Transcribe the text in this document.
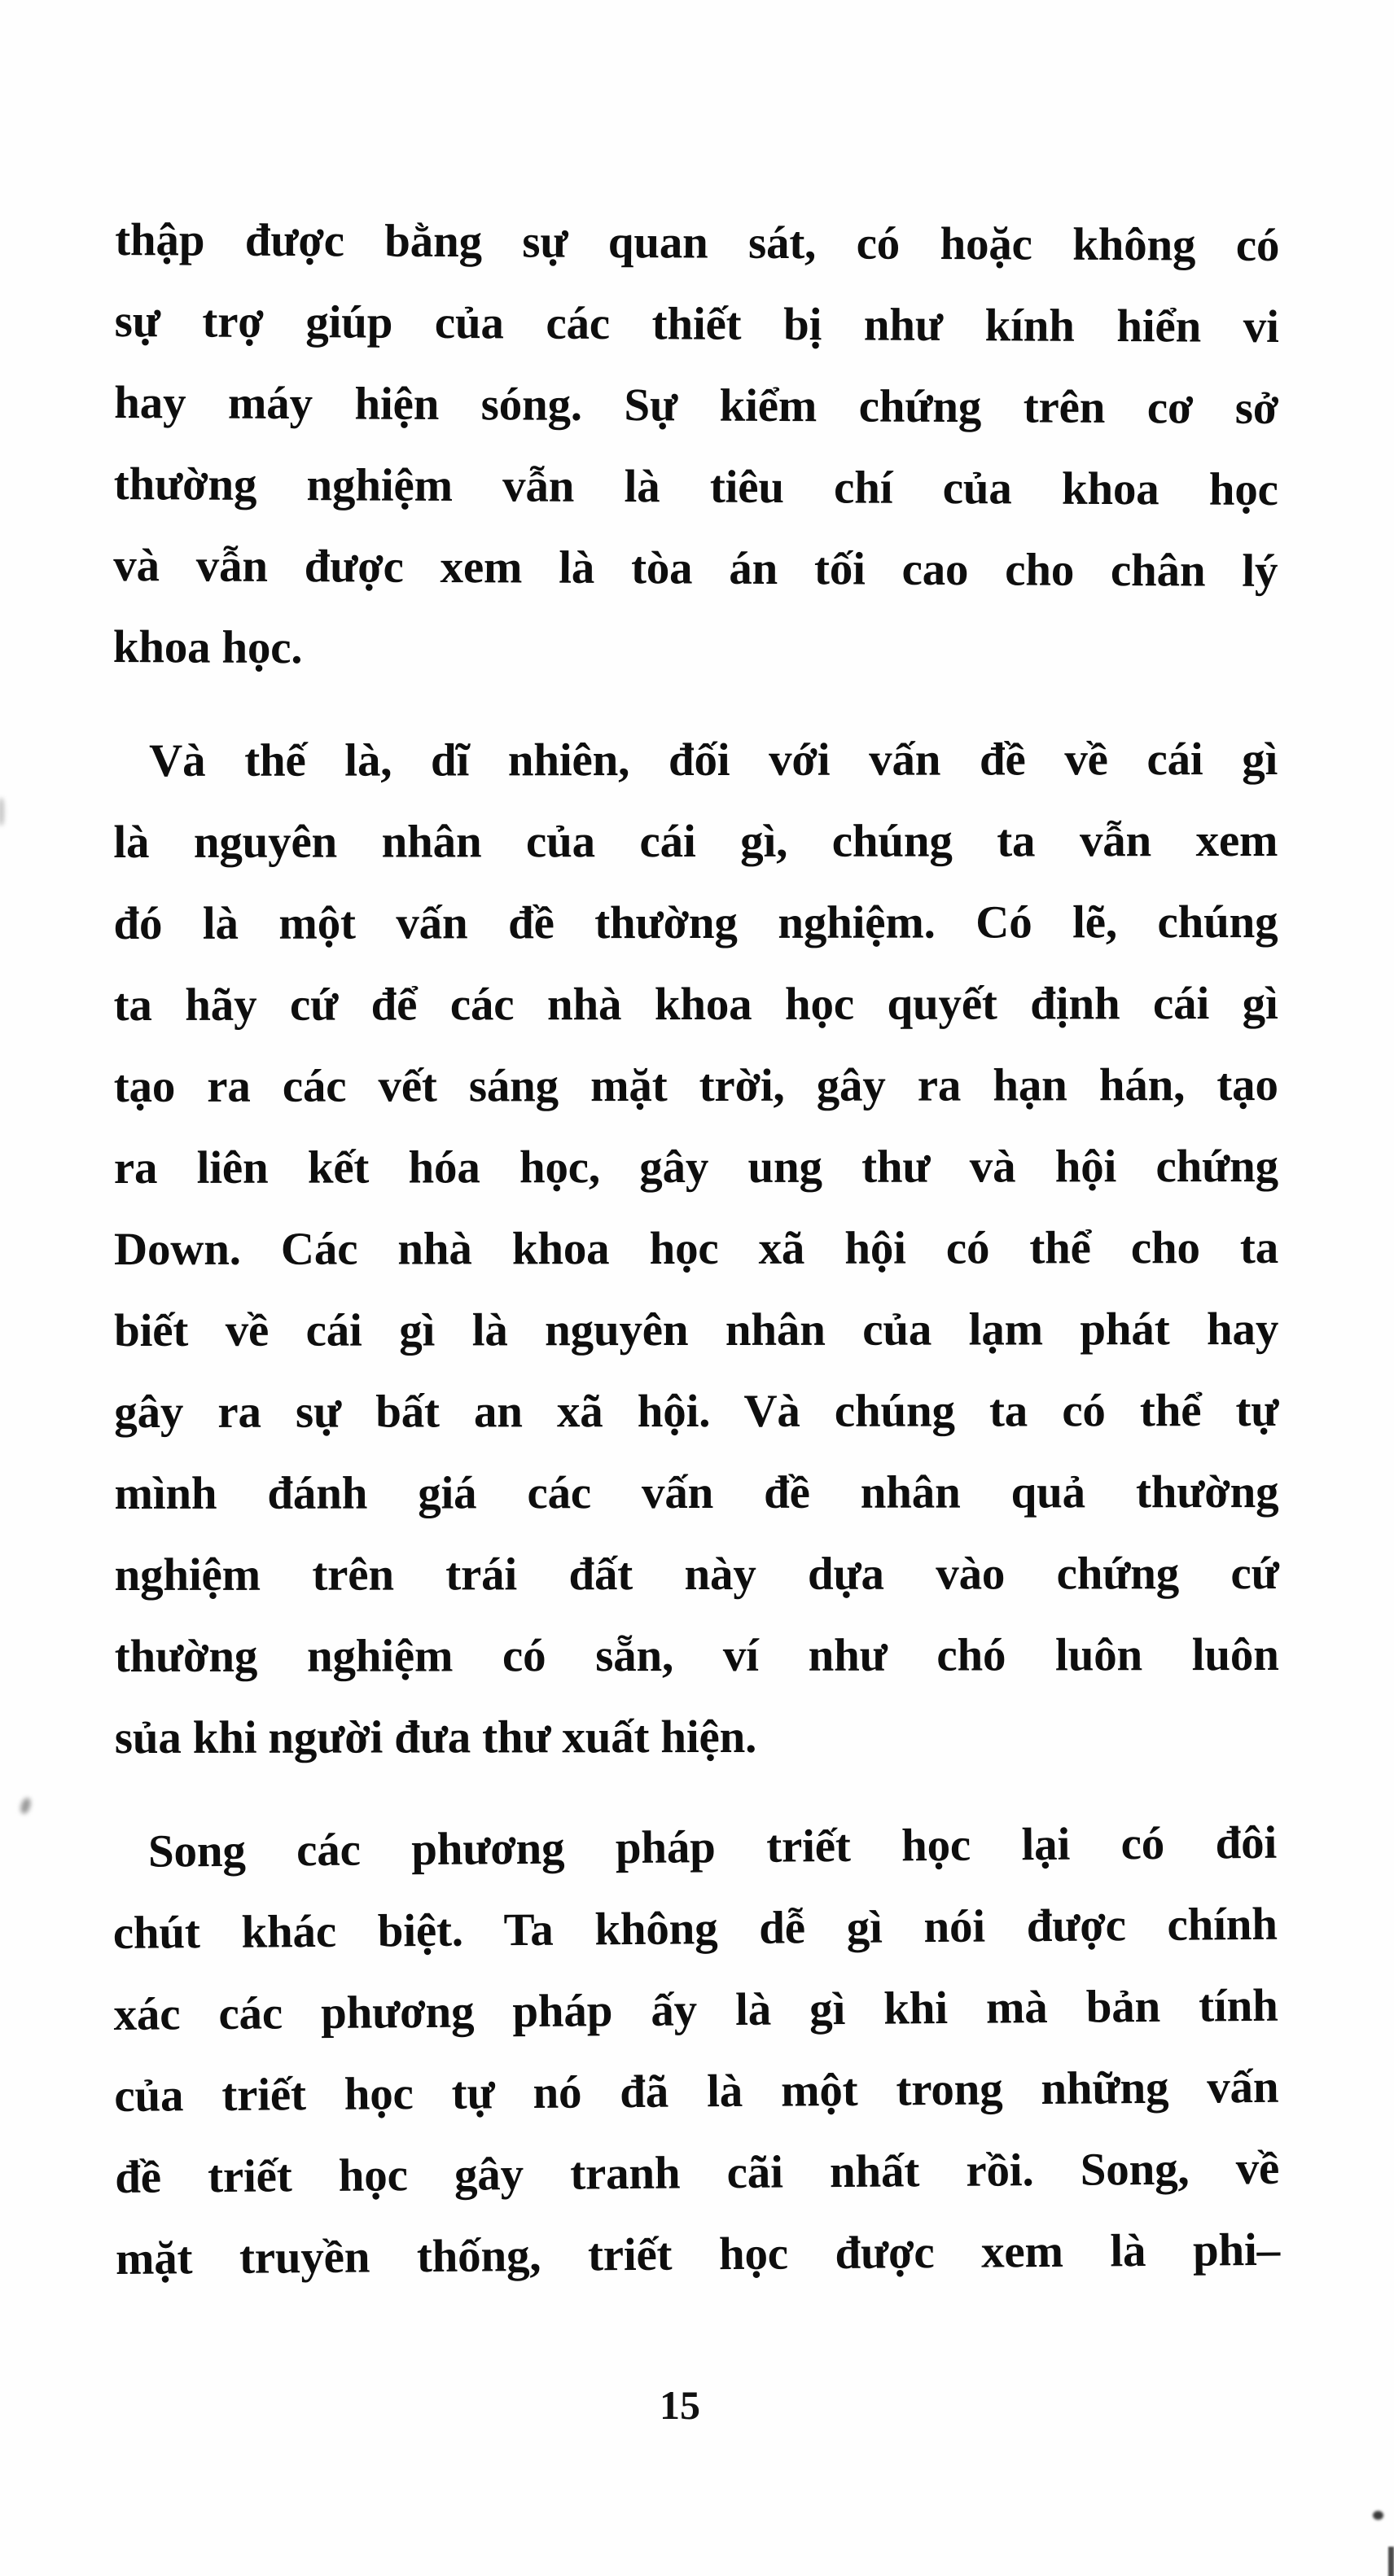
thập được bằng sự quan sát, có hoặc không có
sự trợ giúp của các thiết bị như kính hiển vi
hay máy hiện sóng. Sự kiểm chứng trên cơ sở
thường nghiệm vẫn là tiêu chí của khoa học
và vẫn được xem là tòa án tối cao cho chân lý
khoa học.
Và thế là, dĩ nhiên, đối với vấn đề về cái gì
là nguyên nhân của cái gì, chúng ta vẫn xem
đó là một vấn đề thường nghiệm. Có lẽ, chúng
ta hãy cứ để các nhà khoa học quyết định cái gì
tạo ra các vết sáng mặt trời, gây ra hạn hán, tạo
ra liên kết hóa học, gây ung thư và hội chứng
Down. Các nhà khoa học xã hội có thể cho ta
biết về cái gì là nguyên nhân của lạm phát hay
gây ra sự bất an xã hội. Và chúng ta có thể tự
mình đánh giá các vấn đề nhân quả thường
nghiệm trên trái đất này dựa vào chứng cứ
thường nghiệm có sẵn, ví như chó luôn luôn
sủa khi người đưa thư xuất hiện.
Song các phương pháp triết học lại có đôi
chút khác biệt. Ta không dễ gì nói được chính
xác các phương pháp ấy là gì khi mà bản tính
của triết học tự nó đã là một trong những vấn
đề triết học gây tranh cãi nhất rồi. Song, về
mặt truyền thống, triết học được xem là phi–
15
